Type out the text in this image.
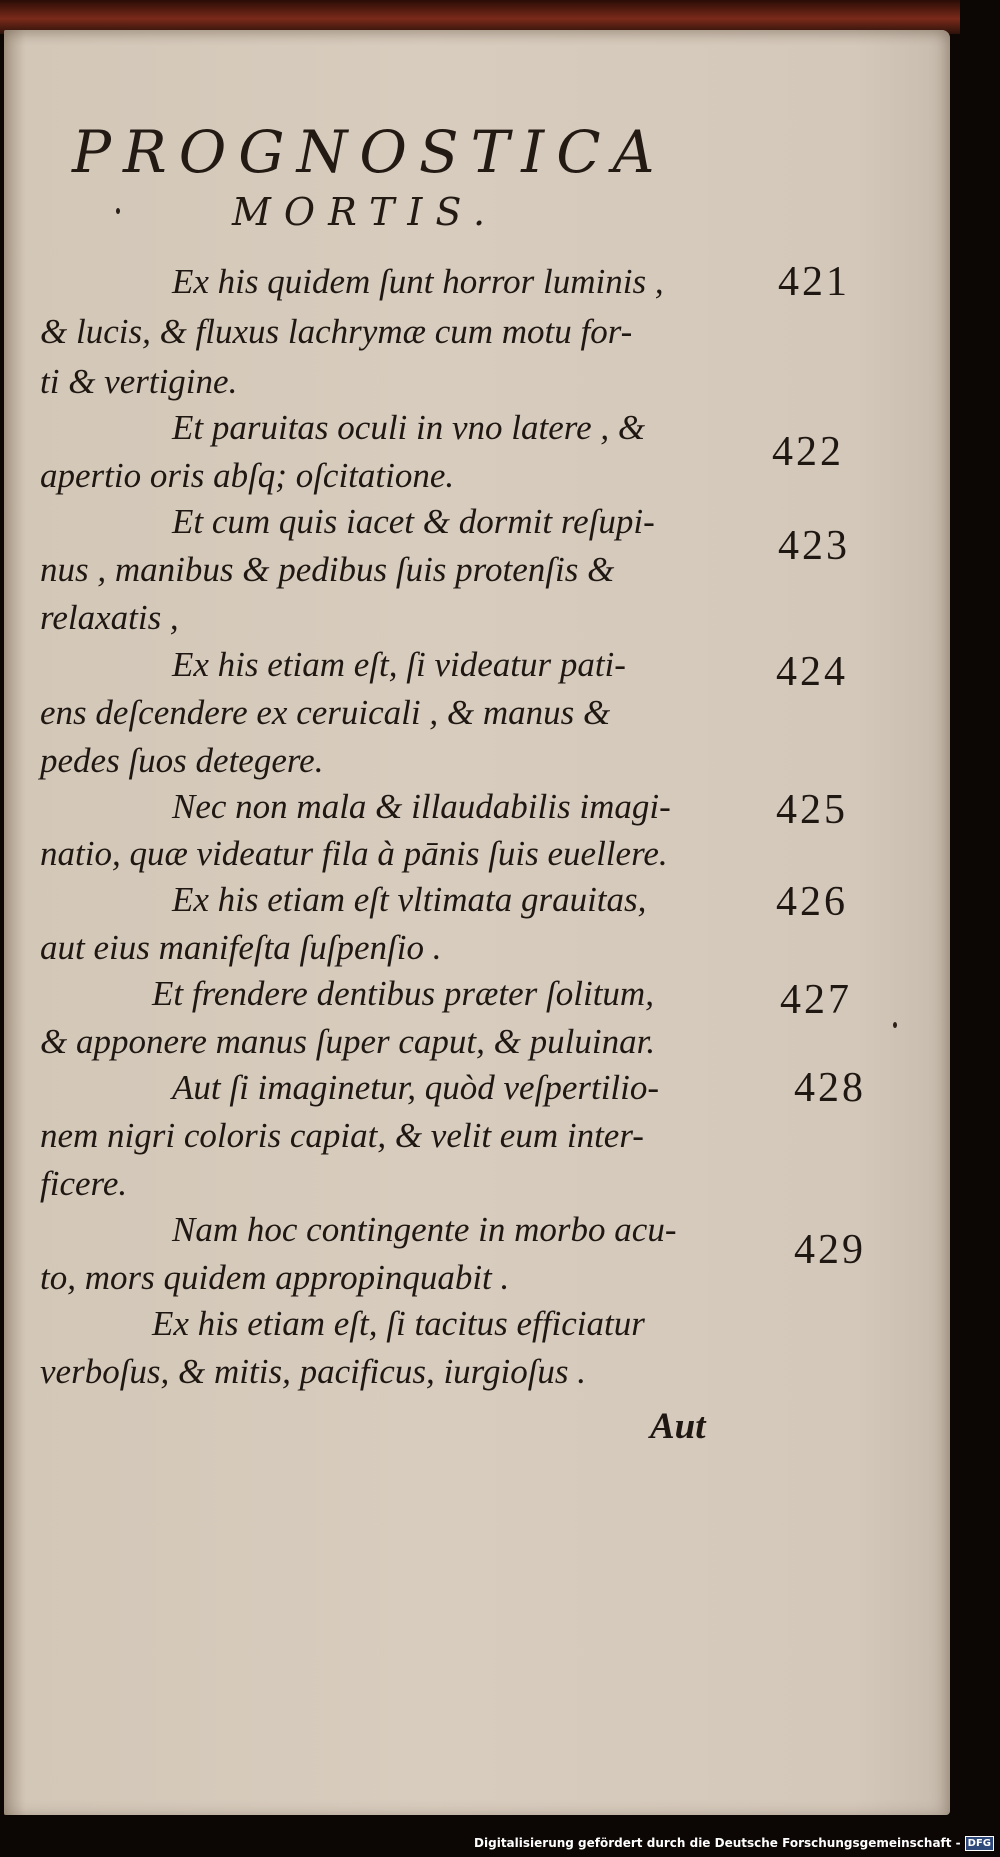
PROGNOSTICA
MORTIS.
Ex his quidem ſunt horror luminis ,
& lucis, & fluxus lachrymæ cum motu for-
ti & vertigine.
Et paruitas oculi in vno latere , &
apertio oris abſq; oſcitatione.
Et cum quis iacet & dormit reſupi-
nus , manibus & pedibus ſuis protenſis &
relaxatis ,
Ex his etiam eſt, ſi videatur pati-
ens deſcendere ex ceruicali , & manus &
pedes ſuos detegere.
Nec non mala & illaudabilis imagi-
natio, quæ videatur fila à pānis ſuis euellere.
Ex his etiam eſt vltimata grauitas,
aut eius manifeſta ſuſpenſio .
Et frendere dentibus præter ſolitum,
& apponere manus ſuper caput, & puluinar.
Aut ſi imaginetur, quòd veſpertilio-
nem nigri coloris capiat, & velit eum inter-
ficere.
Nam hoc contingente in morbo acu-
to, mors quidem appropinquabit .
Ex his etiam eſt, ſi tacitus efficiatur
verboſus, & mitis, pacificus, iurgioſus .
421
422
423
424
425
426
427
428
429
Aut
Digitalisierung gefördert durch die Deutsche Forschungsgemeinschaft - DFG
